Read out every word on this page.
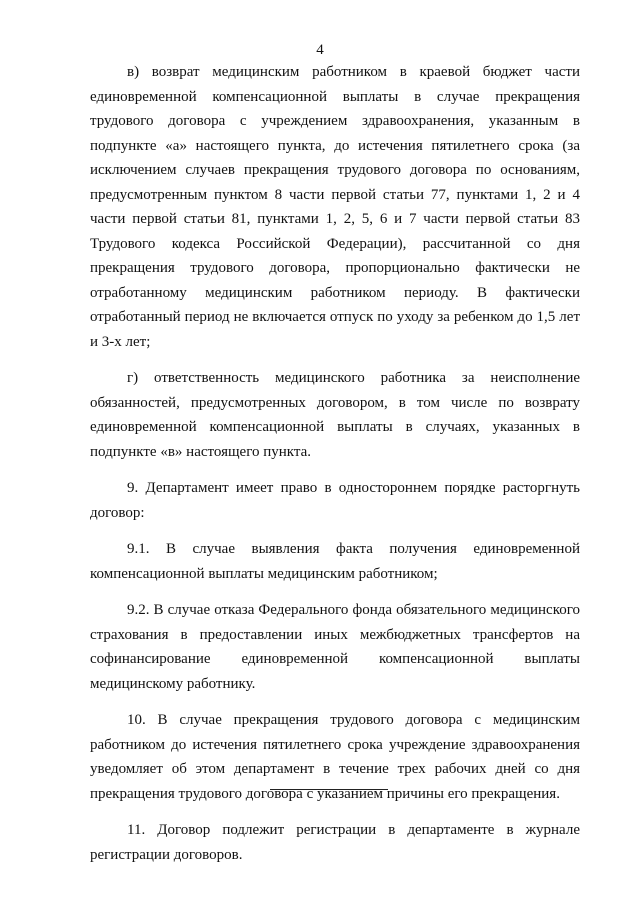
4

в) возврат медицинским работником в краевой бюджет части единовременной компенсационной выплаты в случае прекращения трудового договора с учреждением здравоохранения, указанным в подпункте «а» настоящего пункта, до истечения пятилетнего срока (за исключением случаев прекращения трудового договора по основаниям, предусмотренным пунктом 8 части первой статьи 77, пунктами 1, 2 и 4 части первой статьи 81, пунктами 1, 2, 5, 6 и 7 части первой статьи 83 Трудового кодекса Российской Федерации), рассчитанной со дня прекращения трудового договора, пропорционально фактически не отработанному медицинским работником периоду. В фактически отработанный период не включается отпуск по уходу за ребенком до 1,5 лет и 3-х лет;

г) ответственность медицинского работника за неисполнение обязанностей, предусмотренных договором, в том числе по возврату единовременной компенсационной выплаты в случаях, указанных в подпункте «в» настоящего пункта.

9. Департамент имеет право в одностороннем порядке расторгнуть договор:

9.1. В случае выявления факта получения единовременной компенсационной выплаты медицинским работником;

9.2. В случае отказа Федерального фонда обязательного медицинского страхования в предоставлении иных межбюджетных трансфертов на софинансирование единовременной компенсационной выплаты медицинскому работнику.

10. В случае прекращения трудового договора с медицинским работником до истечения пятилетнего срока учреждение здравоохранения уведомляет об этом департамент в течение трех рабочих дней со дня прекращения трудового договора с указанием причины его прекращения.

11. Договор подлежит регистрации в департаменте в журнале регистрации договоров.
